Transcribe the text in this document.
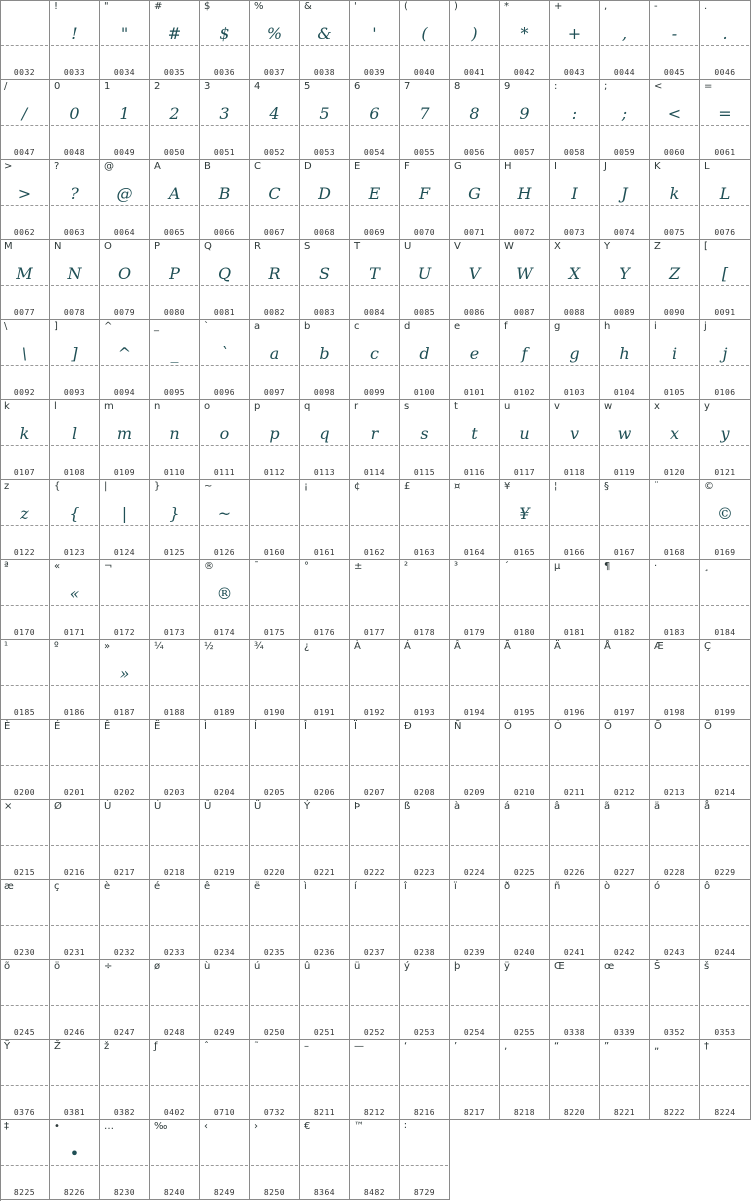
0032
!
!
0033
"
"
0034
#
#
0035
$
$
0036
%
%
0037
&
&
0038
'
'
0039
(
(
0040
)
)
0041
*
*
0042
+
+
0043
,
,
0044
-
-
0045
.
.
0046
/
/
0047
0
0
0048
1
1
0049
2
2
0050
3
3
0051
4
4
0052
5
5
0053
6
6
0054
7
7
0055
8
8
0056
9
9
0057
:
:
0058
;
;
0059
<
<
0060
=
=
0061
>
>
0062
?
?
0063
@
@
0064
A
A
0065
B
B
0066
C
C
0067
D
D
0068
E
E
0069
F
F
0070
G
G
0071
H
H
0072
I
I
0073
J
J
0074
K
k
0075
L
L
0076
M
M
0077
N
N
0078
O
O
0079
P
P
0080
Q
Q
0081
R
R
0082
S
S
0083
T
T
0084
U
U
0085
V
V
0086
W
W
0087
X
X
0088
Y
Y
0089
Z
Z
0090
[
[
0091
\
\
0092
]
]
0093
^
^
0094
_
_
0095
`
`
0096
a
a
0097
b
b
0098
c
c
0099
d
d
0100
e
e
0101
f
f
0102
g
g
0103
h
h
0104
i
i
0105
j
j
0106
k
k
0107
l
l
0108
m
m
0109
n
n
0110
o
o
0111
p
p
0112
q
q
0113
r
r
0114
s
s
0115
t
t
0116
u
u
0117
v
v
0118
w
w
0119
x
x
0120
y
y
0121
z
z
0122
{
{
0123
|
|
0124
}
}
0125
~
~
0126	0160
¡
0161
¢
0162
£
0163
¤
0164
¥
¥
0165
¦
0166
§
0167
¨
0168
©
©
0169
ª
0170
«
«
0171
¬
0172	0173
®
®
0174
¯
0175
°
0176
±
0177
²
0178
³
0179
´
0180
µ
0181
¶
0182
·
0183
¸
0184
¹
0185
º
0186
»
»
0187
¼
0188
½
0189
¾
0190
¿
0191
À
0192
Á
0193
Â
0194
Ã
0195
Ä
0196
Å
0197
Æ
0198
Ç
0199
È
0200
É
0201
Ê
0202
Ë
0203
Ì
0204
Í
0205
Î
0206
Ï
0207
Ð
0208
Ñ
0209
Ò
0210
Ó
0211
Ô
0212
Õ
0213
Ö
0214
×
0215
Ø
0216
Ù
0217
Ú
0218
Û
0219
Ü
0220
Ý
0221
Þ
0222
ß
0223
à
0224
á
0225
â
0226
ã
0227
ä
0228
å
0229
æ
0230
ç
0231
è
0232
é
0233
ê
0234
ë
0235
ì
0236
í
0237
î
0238
ï
0239
ð
0240
ñ
0241
ò
0242
ó
0243
ô
0244
õ
0245
ö
0246
÷
0247
ø
0248
ù
0249
ú
0250
û
0251
ü
0252
ý
0253
þ
0254
ÿ
0255
Œ
0338
œ
0339
Š
0352
š
0353
Ÿ
0376
Ž
0381
ž
0382
ƒ
0402
ˆ
0710
˜
0732
–
8211
—
8212
‘
8216
’
8217
‚
8218
“
8220
”
8221
„
8222
†
8224
‡
8225
•
•
8226
…
8230
‰
8240
‹
8249
›
8250
€
8364
™
8482
∶
8729
